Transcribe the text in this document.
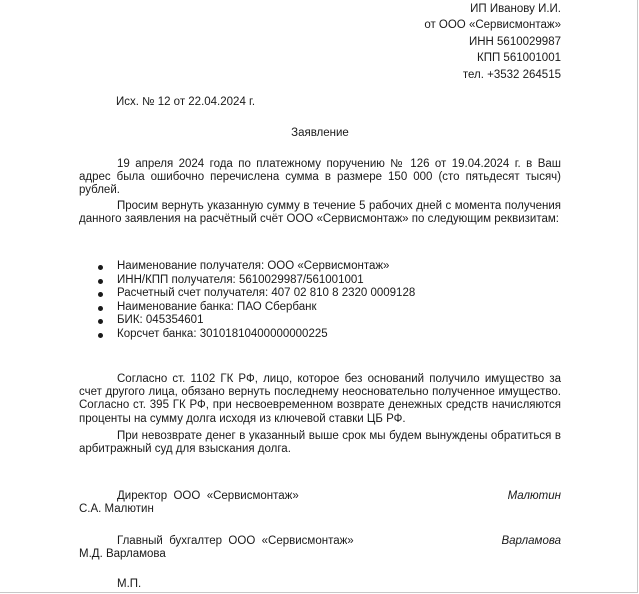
ИП Иванову И.И.
от ООО «Сервисмонтаж»
ИНН 5610029987
КПП 561001001
тел. +3532 264515
Исх. № 12 от 22.04.2024 г.
Заявление
19 апреля 2024 года по платежному поручению № 126 от 19.04.2024 г. в Ваш адрес была ошибочно перечислена сумма в размере 150 000 (сто пятьдесят тысяч) рублей.
Просим вернуть указанную сумму в течение 5 рабочих дней с момента получения данного заявления на расчётный счёт ООО «Сервисмонтаж» по следующим реквизитам:
Наименование получателя: ООО «Сервисмонтаж»
ИНН/КПП получателя: 5610029987/561001001
Расчетный счет получателя: 407 02 810 8 2320 0009128
Наименование банка: ПАО Сбербанк
БИК: 045354601
Корсчет банка: 30101810400000000225
Согласно ст. 1102 ГК РФ, лицо, которое без оснований получило имущество за счет другого лица, обязано вернуть последнему неосновательно полученное имущество. Согласно ст. 395 ГК РФ, при несвоевременном возврате денежных средств начисляются проценты на сумму долга исходя из ключевой ставки ЦБ РФ.
При невозврате денег в указанный выше срок мы будем вынуждены обратиться в арбитражный суд для взыскания долга.
Директор  ООО  «Сервисмонтаж»	Малютин
С.А. Малютин
Главный  бухгалтер  ООО  «Сервисмонтаж»	Варламова
М.Д. Варламова
М.П.
